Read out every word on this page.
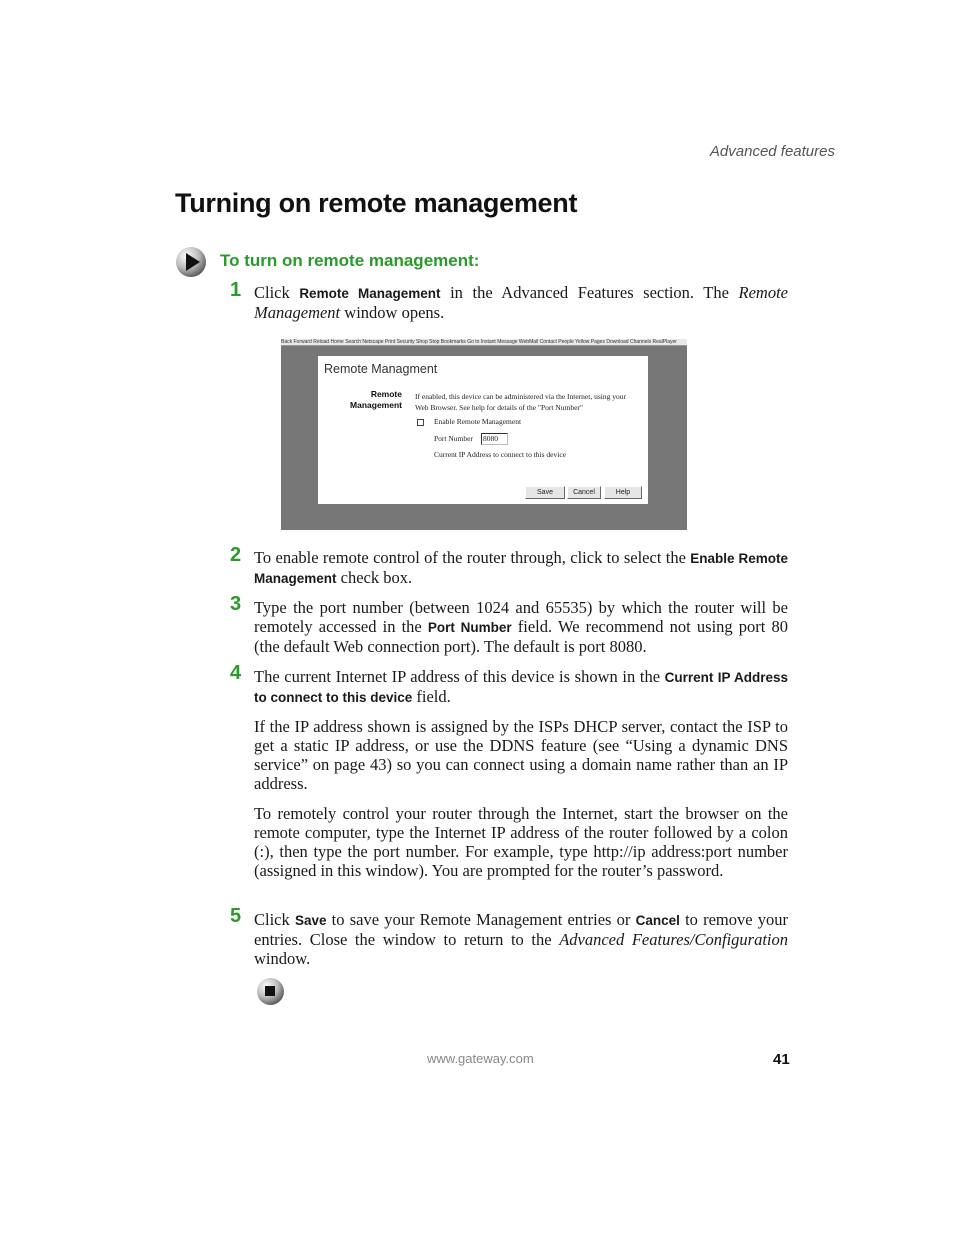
Advanced features
Turning on remote management
To turn on remote management:
1 Click Remote Management in the Advanced Features section. The Remote Management window opens.
Back Forward Reload Home Search Netscape Print Security Shop Stop Bookmarks Go to Instant Message WebMail Contact People Yellow Pages Download Channels RealPlayer
Remote Managment
Remote Management
If enabled, this device can be administered via the Internet, using your Web Browser. See help for details of the "Port Number"
Enable Remote Management
Port Number 8080
Current IP Address to connect to this device
Save	Cancel	Help
2 To enable remote control of the router through, click to select the Enable Remote Management check box.
3 Type the port number (between 1024 and 65535) by which the router will be remotely accessed in the Port Number field. We recommend not using port 80 (the default Web connection port). The default is port 8080.
4 The current Internet IP address of this device is shown in the Current IP Address to connect to this device field.
If the IP address shown is assigned by the ISPs DHCP server, contact the ISP to get a static IP address, or use the DDNS feature (see “Using a dynamic DNS service” on page 43) so you can connect using a domain name rather than an IP address.
To remotely control your router through the Internet, start the browser on the remote computer, type the Internet IP address of the router followed by a colon (:), then type the port number. For example, type http://ip address:port number (assigned in this window). You are prompted for the router’s password.
5 Click Save to save your Remote Management entries or Cancel to remove your entries. Close the window to return to the Advanced Features/Configuration window.
www.gateway.com	41
